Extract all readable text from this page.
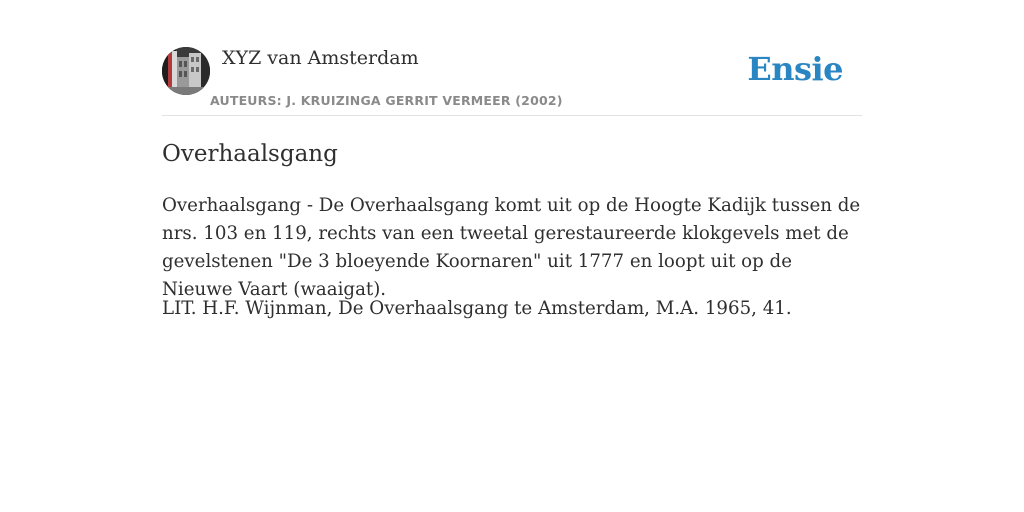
XYZ van Amsterdam
AUTEURS: J. KRUIZINGA GERRIT VERMEER (2002)
Ensie
Overhaalsgang

Overhaalsgang - De Overhaalsgang komt uit op de Hoogte Kadijk tussen de nrs. 103 en 119, rechts van een tweetal gerestaureerde klokgevels met de gevelstenen "De 3 bloeyende Koornaren" uit 1777 en loopt uit op de Nieuwe Vaart (waaigat).

LIT. H.F. Wijnman, De Overhaalsgang te Amsterdam, M.A. 1965, 41.
